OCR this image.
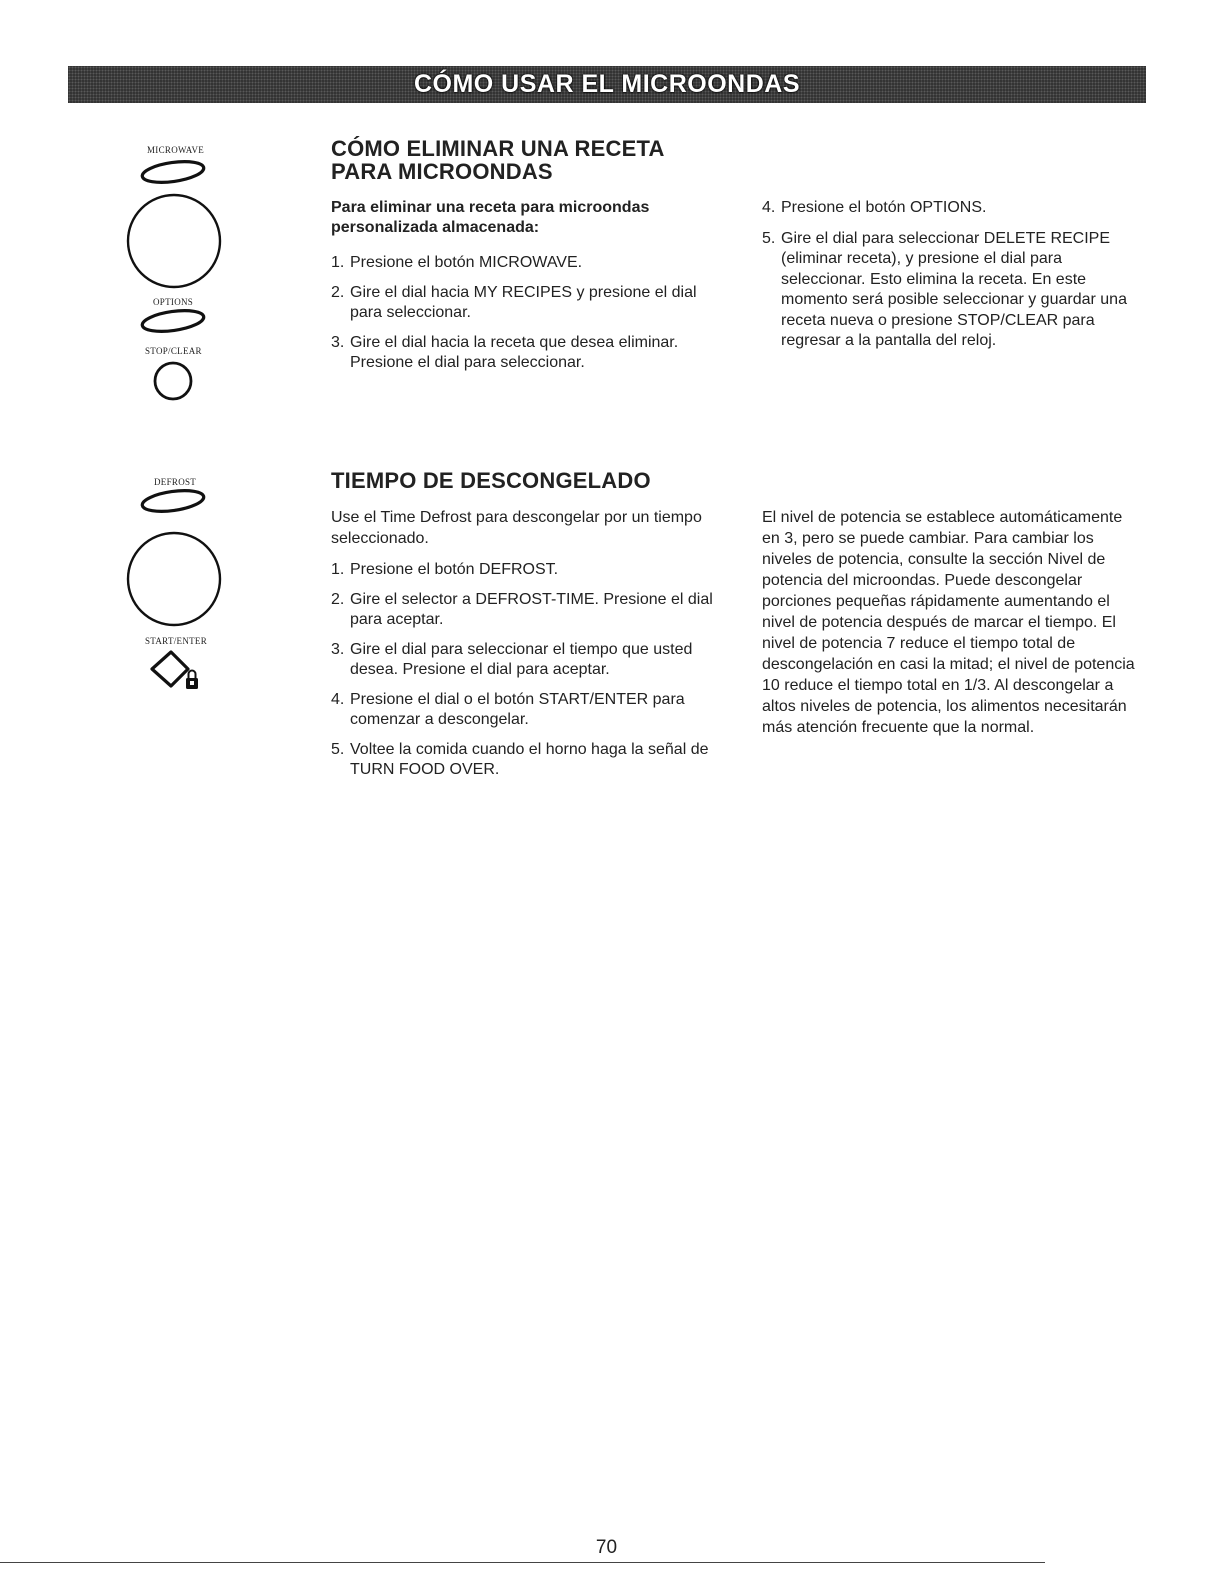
CÓMO USAR EL MICROONDAS
MICROWAVE
OPTIONS
STOP/CLEAR
DEFROST
START/ENTER
CÓMO ELIMINAR UNA RECETA
PARA MICROONDAS
Para eliminar una receta para microondas
personalizada almacenada:
1. Presione el botón MICROWAVE.
2. Gire el dial hacia MY RECIPES y presione el dial para seleccionar.
3. Gire el dial hacia la receta que desea eliminar. Presione el dial para seleccionar.
4. Presione el botón OPTIONS.
5. Gire el dial para seleccionar DELETE RECIPE (eliminar receta), y presione el dial para seleccionar. Esto elimina la receta. En este momento será posible seleccionar y guardar una receta nueva o presione STOP/CLEAR para regresar a la pantalla del reloj.
TIEMPO DE DESCONGELADO
Use el Time Defrost para descongelar por un tiempo seleccionado.
1. Presione el botón DEFROST.
2. Gire el selector a DEFROST-TIME. Presione el dial para aceptar.
3. Gire el dial para seleccionar el tiempo que usted desea. Presione el dial para aceptar.
4. Presione el dial o el botón START/ENTER para comenzar a descongelar.
5. Voltee la comida cuando el horno haga la señal de TURN FOOD OVER.
El nivel de potencia se establece automáticamente en 3, pero se puede cambiar. Para cambiar los niveles de potencia, consulte la sección Nivel de potencia del microondas. Puede descongelar porciones pequeñas rápidamente aumentando el nivel de potencia después de marcar el tiempo. El nivel de potencia 7 reduce el tiempo total de descongelación en casi la mitad; el nivel de potencia 10 reduce el tiempo total en 1/3. Al descongelar a altos niveles de potencia, los alimentos necesitarán más atención frecuente que la normal.
70
